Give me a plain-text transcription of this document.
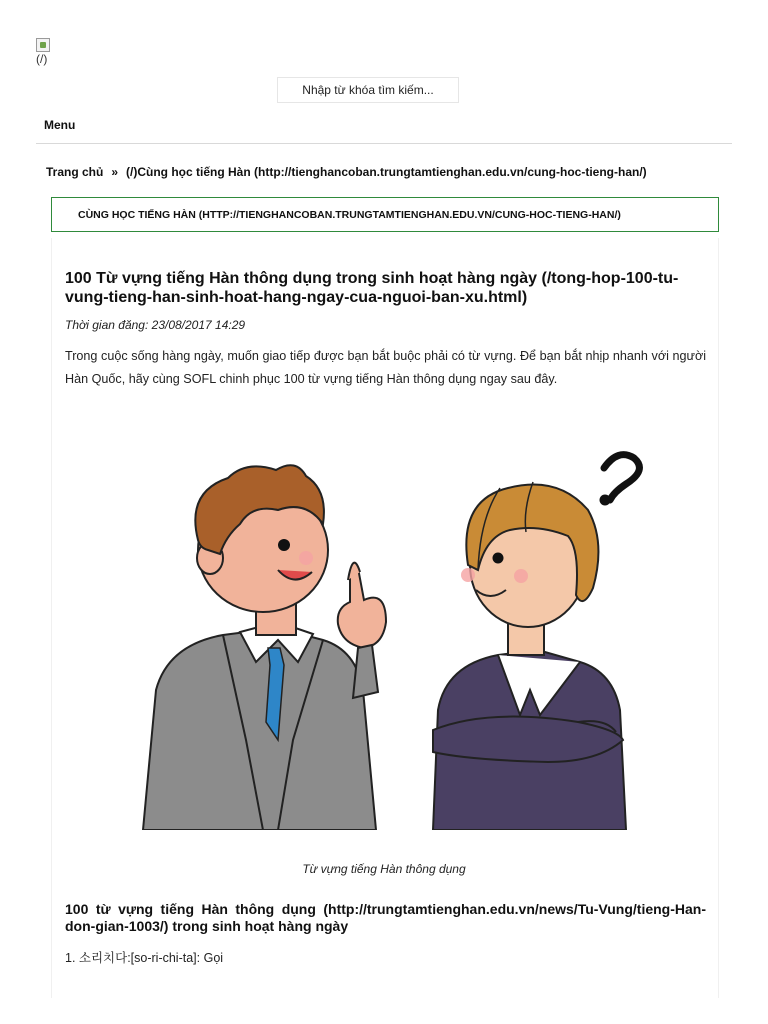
(/)
Nhập từ khóa tìm kiếm...
Menu
Trang chủ » (/)Cùng học tiếng Hàn (http://tienghancoban.trungtamtienghan.edu.vn/cung-hoc-tieng-han/)
CÙNG HỌC TIẾNG HÀN (HTTP://TIENGHANCOBAN.TRUNGTAMTIENGHAN.EDU.VN/CUNG-HOC-TIENG-HAN/)
100 Từ vựng tiếng Hàn thông dụng trong sinh hoạt hàng ngày (/tong-hop-100-tu-vung-tieng-han-sinh-hoat-hang-ngay-cua-nguoi-ban-xu.html)
Thời gian đăng: 23/08/2017 14:29

Trong cuộc sống hàng ngày, muốn giao tiếp được bạn bắt buộc phải có từ vựng. Để bạn bắt nhịp nhanh với người Hàn Quốc, hãy cùng SOFL chinh phục 100 từ vựng tiếng Hàn thông dụng ngay sau đây.

Từ vựng tiếng Hàn thông dụng
100 từ vựng tiếng Hàn thông dụng (http://trungtamtienghan.edu.vn/news/Tu-Vung/tieng-Han-don-gian-1003/) trong sinh hoạt hàng ngày
1. 소리치다:[so-ri-chi-ta]: Gọi
